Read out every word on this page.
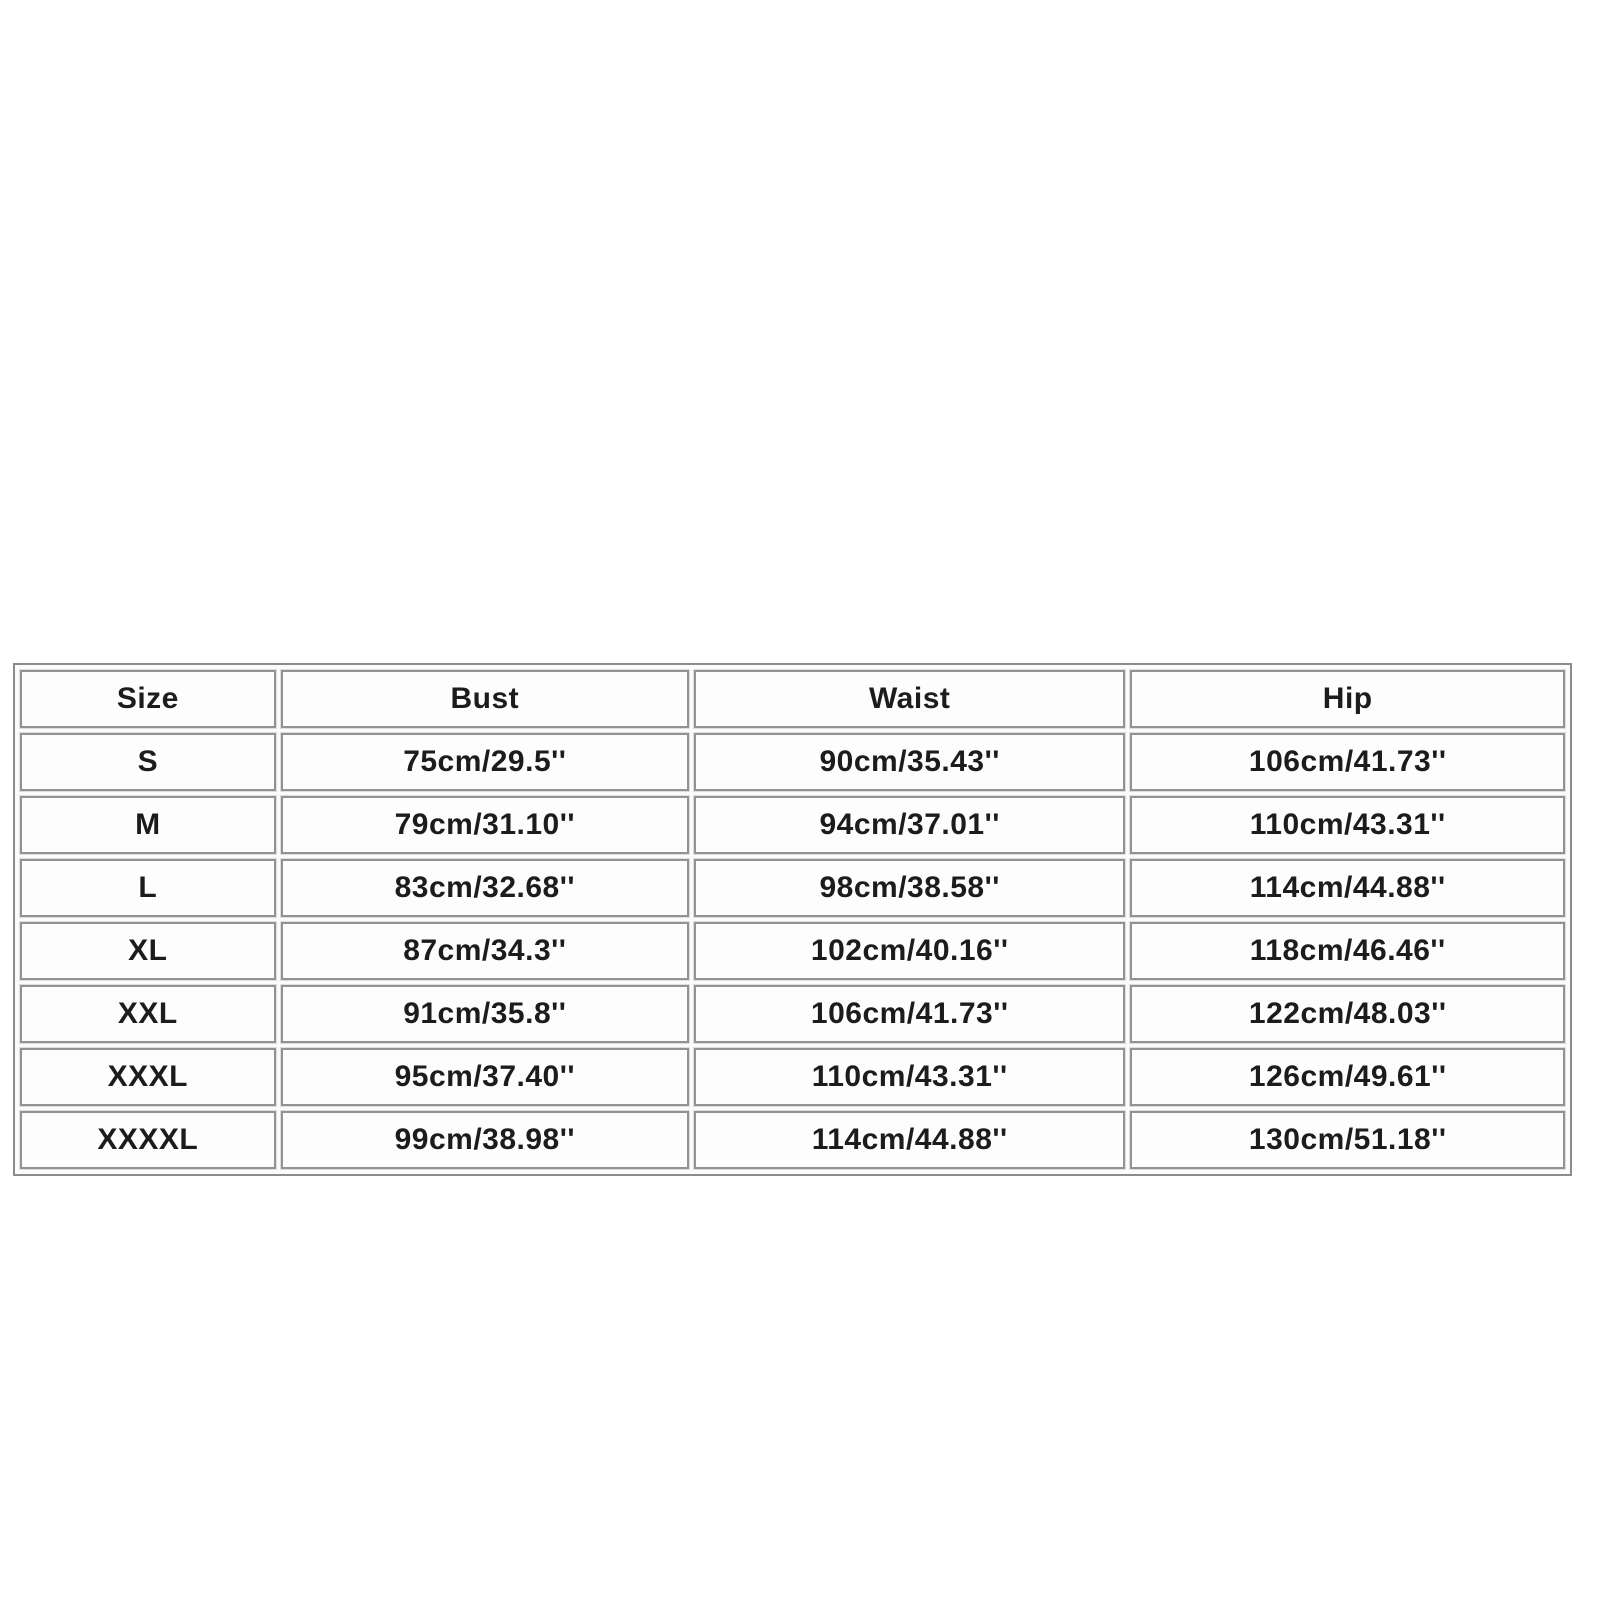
Size	Bust	Waist	Hip
S	75cm/29.5''	90cm/35.43''	106cm/41.73''
M	79cm/31.10''	94cm/37.01''	110cm/43.31''
L	83cm/32.68''	98cm/38.58''	114cm/44.88''
XL	87cm/34.3''	102cm/40.16''	118cm/46.46''
XXL	91cm/35.8''	106cm/41.73''	122cm/48.03''
XXXL	95cm/37.40''	110cm/43.31''	126cm/49.61''
XXXXL	99cm/38.98''	114cm/44.88''	130cm/51.18''
